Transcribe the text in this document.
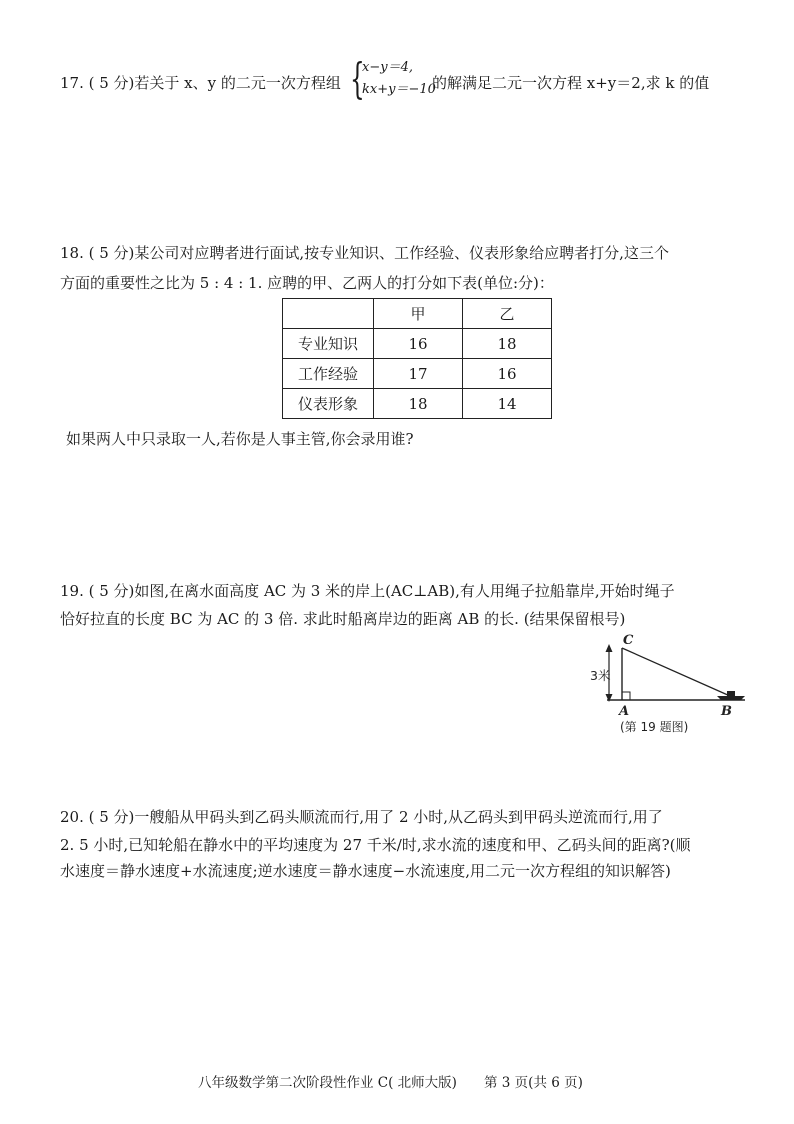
17. ( 5 分)若关于 x、y 的二元一次方程组 {
x−y＝4,
kx+y＝−10
的解满足二元一次方程 x+y＝2,求 k 的值
18. ( 5 分)某公司对应聘者进行面试,按专业知识、工作经验、仪表形象给应聘者打分,这三个
方面的重要性之比为 5 : 4 : 1. 应聘的甲、乙两人的打分如下表(单位:分)：
	甲	乙
专业知识	16	18
工作经验	17	16
仪表形象	18	14
如果两人中只录取一人,若你是人事主管,你会录用谁?
19. ( 5 分)如图,在离水面高度 AC 为 3 米的岸上(AC⊥AB),有人用绳子拉船靠岸,开始时绳子
恰好拉直的长度 BC 为 AC 的 3 倍. 求此时船离岸边的距离 AB 的长. (结果保留根号)
3米
C
A	B
(第 19 题图)
20. ( 5 分)一艘船从甲码头到乙码头顺流而行,用了 2 小时,从乙码头到甲码头逆流而行,用了
2. 5 小时,已知轮船在静水中的平均速度为 27 千米/时,求水流的速度和甲、乙码头间的距离?(顺
水速度＝静水速度+水流速度;逆水速度＝静水速度−水流速度,用二元一次方程组的知识解答)
八年级数学第二次阶段性作业 C( 北师大版) 第 3 页(共 6 页)
